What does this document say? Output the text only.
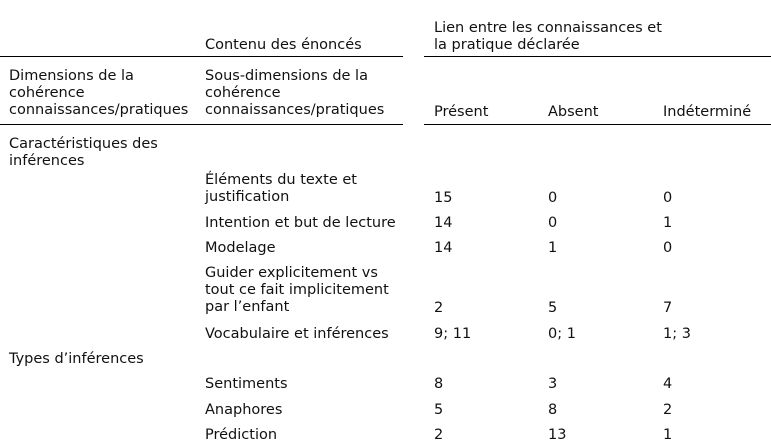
Contenu des énoncés

Lien entre les connaissances et
la pratique déclarée

Dimensions de la
cohérence
connaissances/pratiques

Sous-dimensions de la
cohérence
connaissances/pratiques	Présent	Absent	Indéterminé

Caractéristiques des
inférences

Éléments du texte et
justification	15	0	0

Intention et but de lecture	14	0	1

Modelage	14	1	0

Guider explicitement vs
tout ce fait implicitement
par l’enfant	2	5	7

Vocabulaire et inférences	9; 11	0; 1	1; 3

Types d’inférences

Sentiments	8	3	4

Anaphores	5	8	2

Prédiction	2	13	1
